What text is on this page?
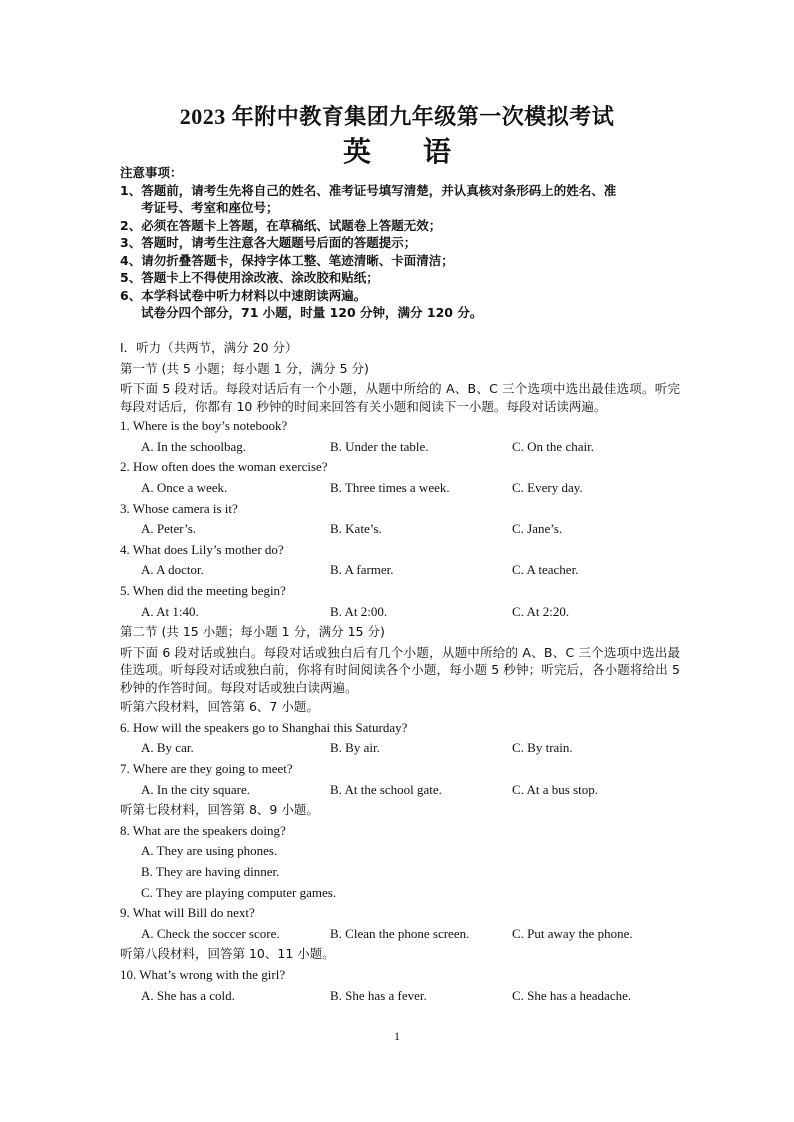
2023 年附中教育集团九年级第一次模拟考试
英 语
注意事项：
1、答题前，请考生先将自己的姓名、准考证号填写清楚，并认真核对条形码上的姓名、准
考证号、考室和座位号；
2、必须在答题卡上答题，在草稿纸、试题卷上答题无效；
3、答题时，请考生注意各大题题号后面的答题提示；
4、请勿折叠答题卡，保持字体工整、笔迹清晰、卡面清洁；
5、答题卡上不得使用涂改液、涂改胶和贴纸；
6、本学科试卷中听力材料以中速朗读两遍。
试卷分四个部分，71 小题，时量 120 分钟，满分 120 分。
I．听力（共两节，满分 20 分）
第一节 (共 5 小题；每小题 1 分，满分 5 分)
听下面 5 段对话。每段对话后有一个小题，从题中所给的 A、B、C 三个选项中选出最佳选项。听完每段对话后，你都有 10 秒钟的时间来回答有关小题和阅读下一小题。每段对话读两遍。
1. Where is the boy’s notebook?
A. In the schoolbag.	B. Under the table.	C. On the chair.
2. How often does the woman exercise?
A. Once a week.	B. Three times a week.	C. Every day.
3. Whose camera is it?
A. Peter’s.	B. Kate’s.	C. Jane’s.
4. What does Lily’s mother do?
A. A doctor.	B. A farmer.	C. A teacher.
5. When did the meeting begin?
A. At 1:40.	B. At 2:00.	C. At 2:20.
第二节 (共 15 小题；每小题 1 分，满分 15 分)
听下面 6 段对话或独白。每段对话或独白后有几个小题，从题中所给的 A、B、C 三个选项中选出最佳选项。听每段对话或独白前，你将有时间阅读各个小题，每小题 5 秒钟；听完后，各小题将给出 5 秒钟的作答时间。每段对话或独白读两遍。
听第六段材料，回答第 6、7 小题。
6. How will the speakers go to Shanghai this Saturday?
A. By car.	B. By air.	C. By train.
7. Where are they going to meet?
A. In the city square.	B. At the school gate.	C. At a bus stop.
听第七段材料，回答第 8、9 小题。
8. What are the speakers doing?
A. They are using phones.
B. They are having dinner.
C. They are playing computer games.
9. What will Bill do next?
A. Check the soccer score.	B. Clean the phone screen.	C. Put away the phone.
听第八段材料，回答第 10、11 小题。
10. What’s wrong with the girl?
A. She has a cold.	B. She has a fever.	C. She has a headache.
1
